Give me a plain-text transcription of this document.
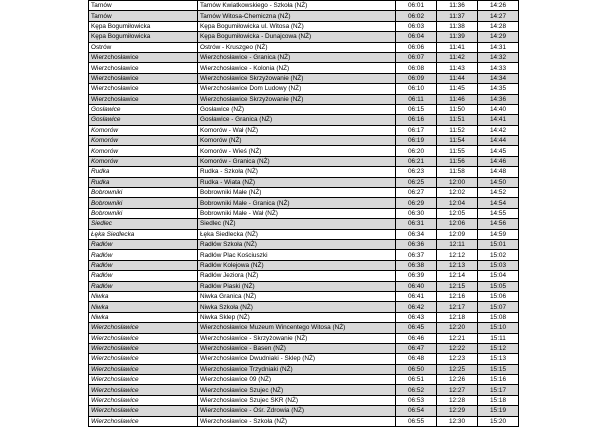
Tarnów	Tarnów Kwiatkowskiego - Szkoła (NŻ)	06:01	11:36	14:26
Tarnów	Tarnów Witosa-Chemiczna (NŻ)	06:02	11:37	14:27
Kępa Bogumiłowicka	Kępa Bogumiłowicka ul. Witosa (NŻ)	06:03	11:38	14:28
Kępa Bogumiłowicka	Kępa Bogumiłowicka - Dunajcowa (NŻ)	06:04	11:39	14:29
Ostrów	Ostrów - Kruszgeo (NŻ)	06:06	11:41	14:31
Wierzchosławice	Wierzchosławice - Granica (NŻ)	06:07	11:42	14:32
Wierzchosławice	Wierzchosławice - Kolonia (NŻ)	06:08	11:43	14:33
Wierzchosławice	Wierzchosławice Skrzyżowanie (NŻ)	06:09	11:44	14:34
Wierzchosławice	Wierzchosławice Dom Ludowy (NŻ)	06:10	11:45	14:35
Wierzchosławice	Wierzchosławice Skrzyżowanie (NŻ)	06:11	11:46	14:36
Gosławice	Gosławice (NŻ)	06:15	11:50	14:40
Gosławice	Gosławice - Granica (NŻ)	06:16	11:51	14:41
Komorów	Komorów - Wał (NŻ)	06:17	11:52	14:42
Komorów	Komorów (NŻ)	06:19	11:54	14:44
Komorów	Komorów - Wieś (NŻ)	06:20	11:55	14:45
Komorów	Komorów - Granica (NŻ)	06:21	11:56	14:46
Rudka	Rudka - Szkoła (NŻ)	06:23	11:58	14:48
Rudka	Rudka - Wiata (NŻ)	06:25	12:00	14:50
Bobrowniki	Bobrowniki Małe (NŻ)	06:27	12:02	14:52
Bobrowniki	Bobrowniki Małe - Granica (NŻ)	06:29	12:04	14:54
Bobrowniki	Bobrowniki Małe - Wał (NŻ)	06:30	12:05	14:55
Siedlec	Siedlec (NŻ)	06:31	12:06	14:56
Łęka Siedlecka	Łęka Siedlecka (NŻ)	06:34	12:09	14:59
Radłów	Radłów Szkoła (NŻ)	06:36	12:11	15:01
Radłów	Radłów Plac Kościuszki	06:37	12:12	15:02
Radłów	Radłów Kolejowa (NŻ)	06:38	12:13	15:03
Radłów	Radłów Jeziora (NŻ)	06:39	12:14	15:04
Radłów	Radłów Piaski (NŻ)	06:40	12:15	15:05
Niwka	Niwka Granica (NŻ)	06:41	12:16	15:06
Niwka	Niwka Szkoła (NŻ)	06:42	12:17	15:07
Niwka	Niwka Sklep (NŻ)	06:43	12:18	15:08
Wierzchosławice	Wierzchosławice Muzeum Wincentego Witosa (NŻ)	06:45	12:20	15:10
Wierzchosławice	Wierzchosławice - Skrzyżowanie (NŻ)	06:46	12:21	15:11
Wierzchosławice	Wierzchosławice - Basen (NŻ)	06:47	12:22	15:12
Wierzchosławice	Wierzchosławice Dwudniaki - Sklep (NŻ)	06:48	12:23	15:13
Wierzchosławice	Wierzchosławice Trzydniaki (NŻ)	06:50	12:25	15:15
Wierzchosławice	Wierzchosławice 09 (NŻ)	06:51	12:26	15:16
Wierzchosławice	Wierzchosławice Szujec (NŻ)	06:52	12:27	15:17
Wierzchosławice	Wierzchosławice Szujec SKR (NŻ)	06:53	12:28	15:18
Wierzchosławice	Wierzchosławice - Ośr. Zdrowia (NŻ)	06:54	12:29	15:19
Wierzchosławice	Wierzchosławice - Szkoła (NŻ)	06:55	12:30	15:20
